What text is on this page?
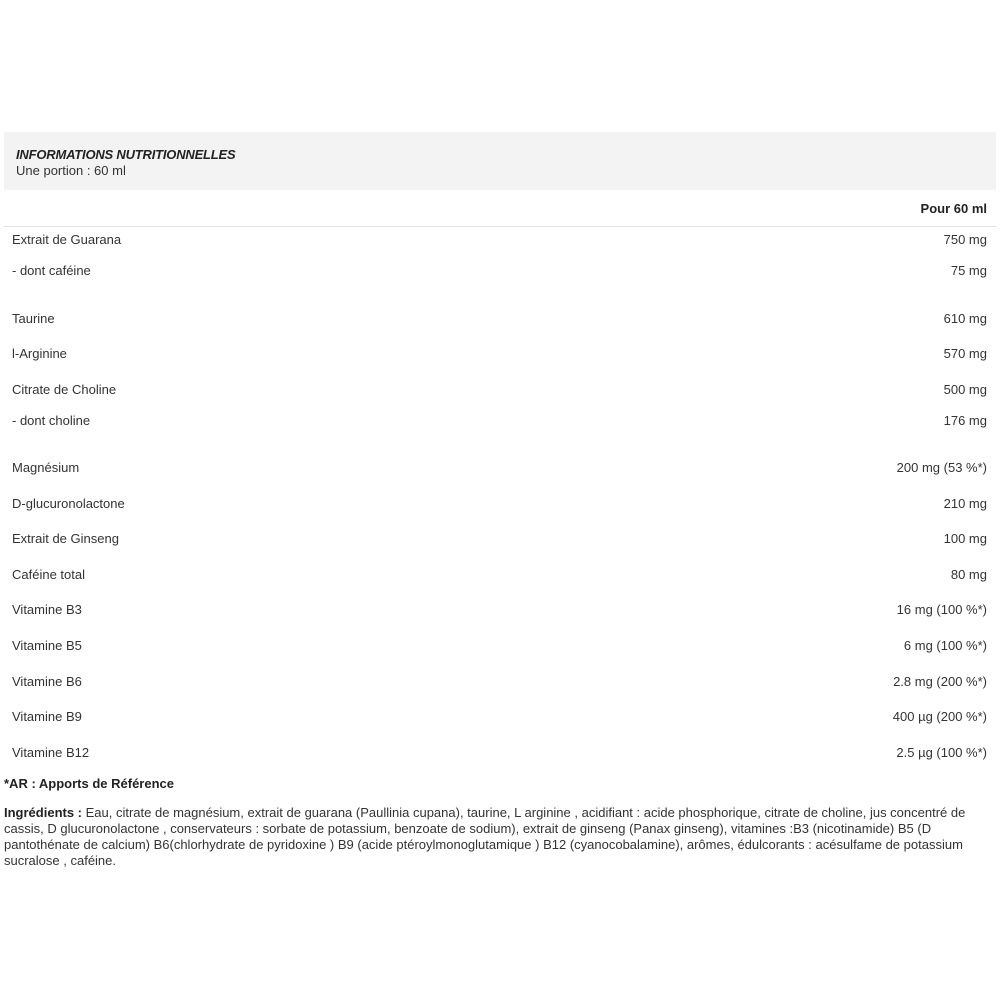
INFORMATIONS NUTRITIONNELLES
Une portion : 60 ml
Pour 60 ml
Extrait de Guarana	750 mg
- dont caféine	75 mg
Taurine	610 mg
l-Arginine	570 mg
Citrate de Choline	500 mg
- dont choline	176 mg
Magnésium	200 mg (53 %*)
D-glucuronolactone	210 mg
Extrait de Ginseng	100 mg
Caféine total	80 mg
Vitamine B3	16 mg (100 %*)
Vitamine B5	6 mg (100 %*)
Vitamine B6	2.8 mg (200 %*)
Vitamine B9	400 µg (200 %*)
Vitamine B12	2.5 µg (100 %*)
*AR : Apports de Référence
Ingrédients : Eau, citrate de magnésium, extrait de guarana (Paullinia cupana), taurine, L arginine , acidifiant : acide phosphorique, citrate de choline, jus concentré de cassis, D glucuronolactone , conservateurs : sorbate de potassium, benzoate de sodium), extrait de ginseng (Panax ginseng), vitamines :B3 (nicotinamide) B5 (D pantothénate de calcium) B6(chlorhydrate de pyridoxine ) B9 (acide ptéroylmonoglutamique ) B12 (cyanocobalamine), arômes, édulcorants : acésulfame de potassium sucralose , caféine.
